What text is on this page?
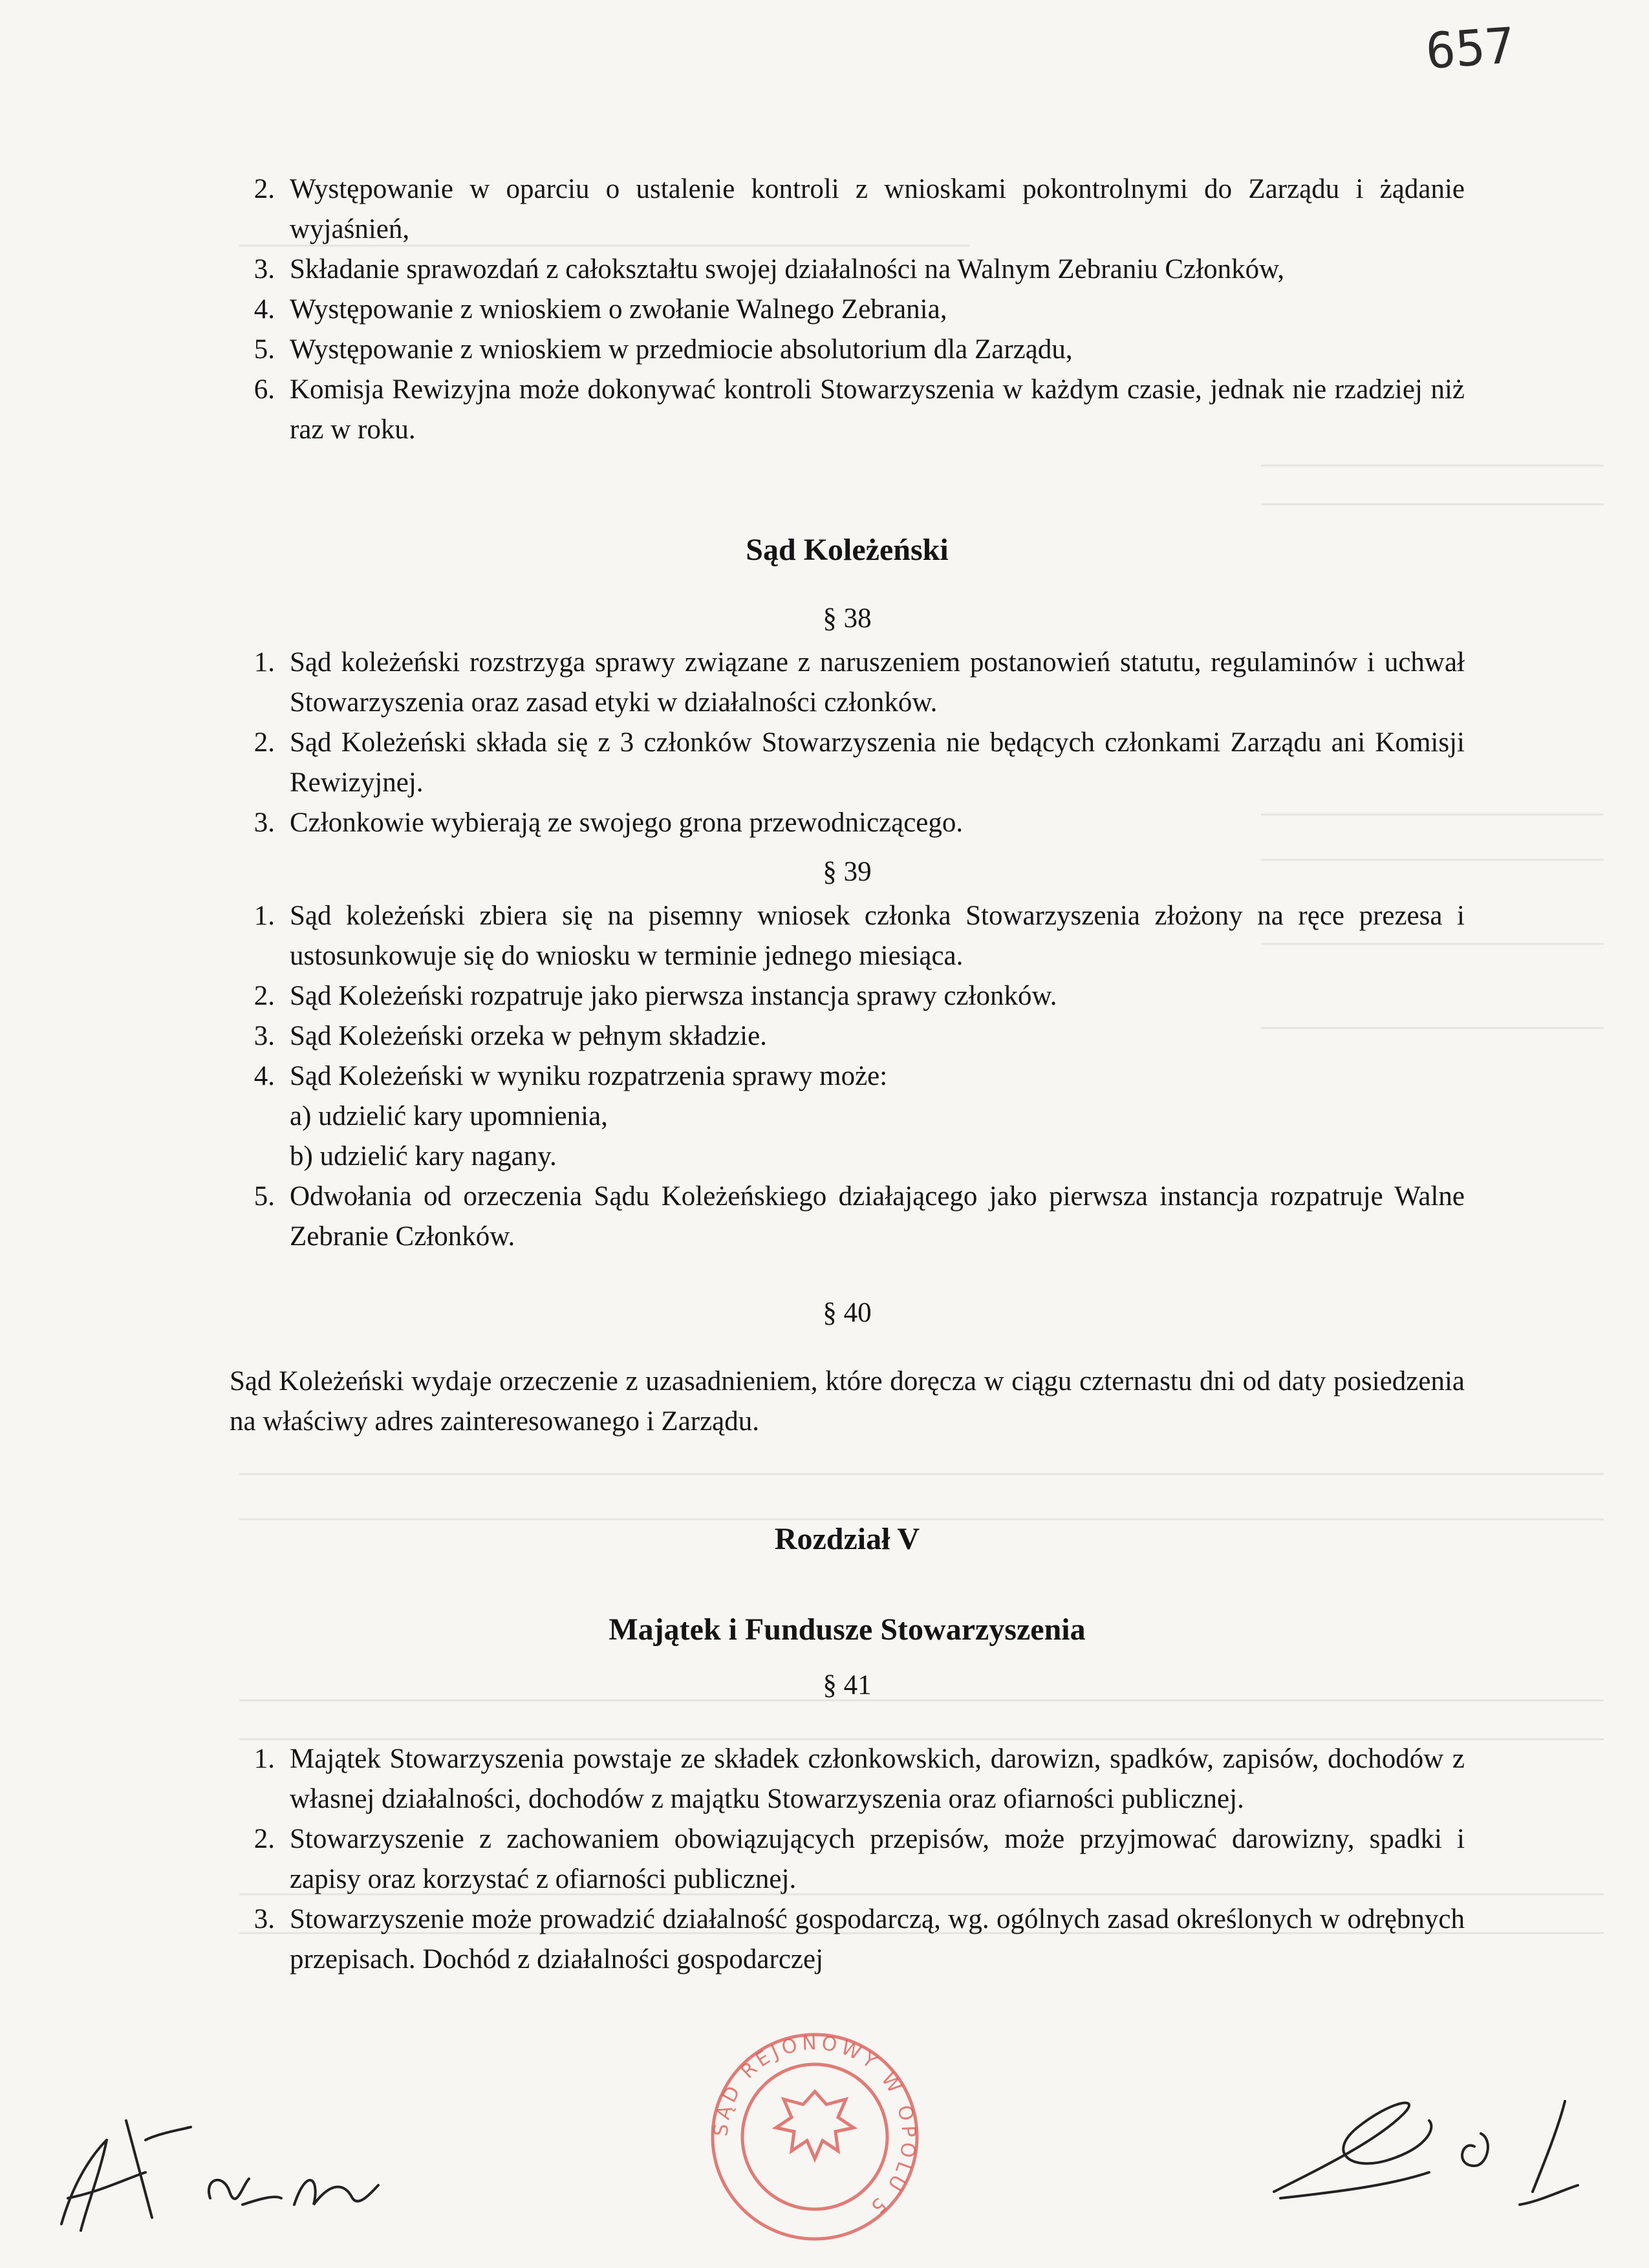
657
2. Występowanie w oparciu o ustalenie kontroli z wnioskami pokontrolnymi do Zarządu i żądanie wyjaśnień,
3. Składanie sprawozdań z całokształtu swojej działalności na Walnym Zebraniu Członków,
4. Występowanie z wnioskiem o zwołanie Walnego Zebrania,
5. Występowanie z wnioskiem w przedmiocie absolutorium dla Zarządu,
6. Komisja Rewizyjna może dokonywać kontroli Stowarzyszenia w każdym czasie, jednak nie rzadziej niż raz w roku.
Sąd Koleżeński
§ 38
1. Sąd koleżeński rozstrzyga sprawy związane z naruszeniem postanowień statutu, regulaminów i uchwał Stowarzyszenia oraz zasad etyki w działalności członków.
2. Sąd Koleżeński składa się z 3 członków Stowarzyszenia nie będących członkami Zarządu ani Komisji Rewizyjnej.
3. Członkowie wybierają ze swojego grona przewodniczącego.
§ 39
1. Sąd koleżeński zbiera się na pisemny wniosek członka Stowarzyszenia złożony na ręce prezesa i ustosunkowuje się do wniosku w terminie jednego miesiąca.
2. Sąd Koleżeński rozpatruje jako pierwsza instancja sprawy członków.
3. Sąd Koleżeński orzeka w pełnym składzie.
4. Sąd Koleżeński w wyniku rozpatrzenia sprawy może:
a) udzielić kary upomnienia,
b) udzielić kary nagany.
5. Odwołania od orzeczenia Sądu Koleżeńskiego działającego jako pierwsza instancja rozpatruje Walne Zebranie Członków.
§ 40
Sąd Koleżeński wydaje orzeczenie z uzasadnieniem, które doręcza w ciągu czternastu dni od daty posiedzenia na właściwy adres zainteresowanego i Zarządu.
Rozdział V
Majątek i Fundusze Stowarzyszenia
§ 41
1. Majątek Stowarzyszenia powstaje ze składek członkowskich, darowizn, spadków, zapisów, dochodów z własnej działalności, dochodów z majątku Stowarzyszenia oraz ofiarności publicznej.
2. Stowarzyszenie z zachowaniem obowiązujących przepisów, może przyjmować darowizny, spadki i zapisy oraz korzystać z ofiarności publicznej.
3. Stowarzyszenie może prowadzić działalność gospodarczą, wg. ogólnych zasad określonych w odrębnych przepisach. Dochód z działalności gospodarczej
SĄD REJONOWY W OPOLU 5
